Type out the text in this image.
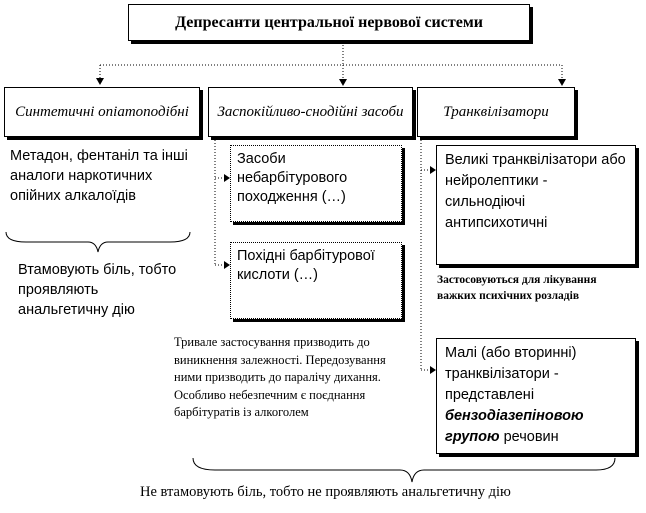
Депресанти центральної нервової системи
Синтетичні опіатоподібні Заспокійливо-снодійні засоби	Транквілізатори
Метадон, фентаніл та інші аналоги наркотичних опійних алкалоїдів
Втамовують біль, тобто проявляють анальгетичну дію
Засоби небарбітурового походження (…)
Похідні барбітурової кислоти (…)
Тривале застосування призводить до виникнення залежності. Передозування ними призводить до паралічу дихання. Особливо небезпечним є поєднання барбітуратів із алкоголем
Великі транквілізатори або нейролептики - сильнодіючі антипсихотичні
Застосовуються для лікування важких психічних розладів
Малі (або вторинні) транквілізатори - представлені бензодіазепіновою групою речовин
Не втамовують біль, тобто не проявляють анальгетичну дію
